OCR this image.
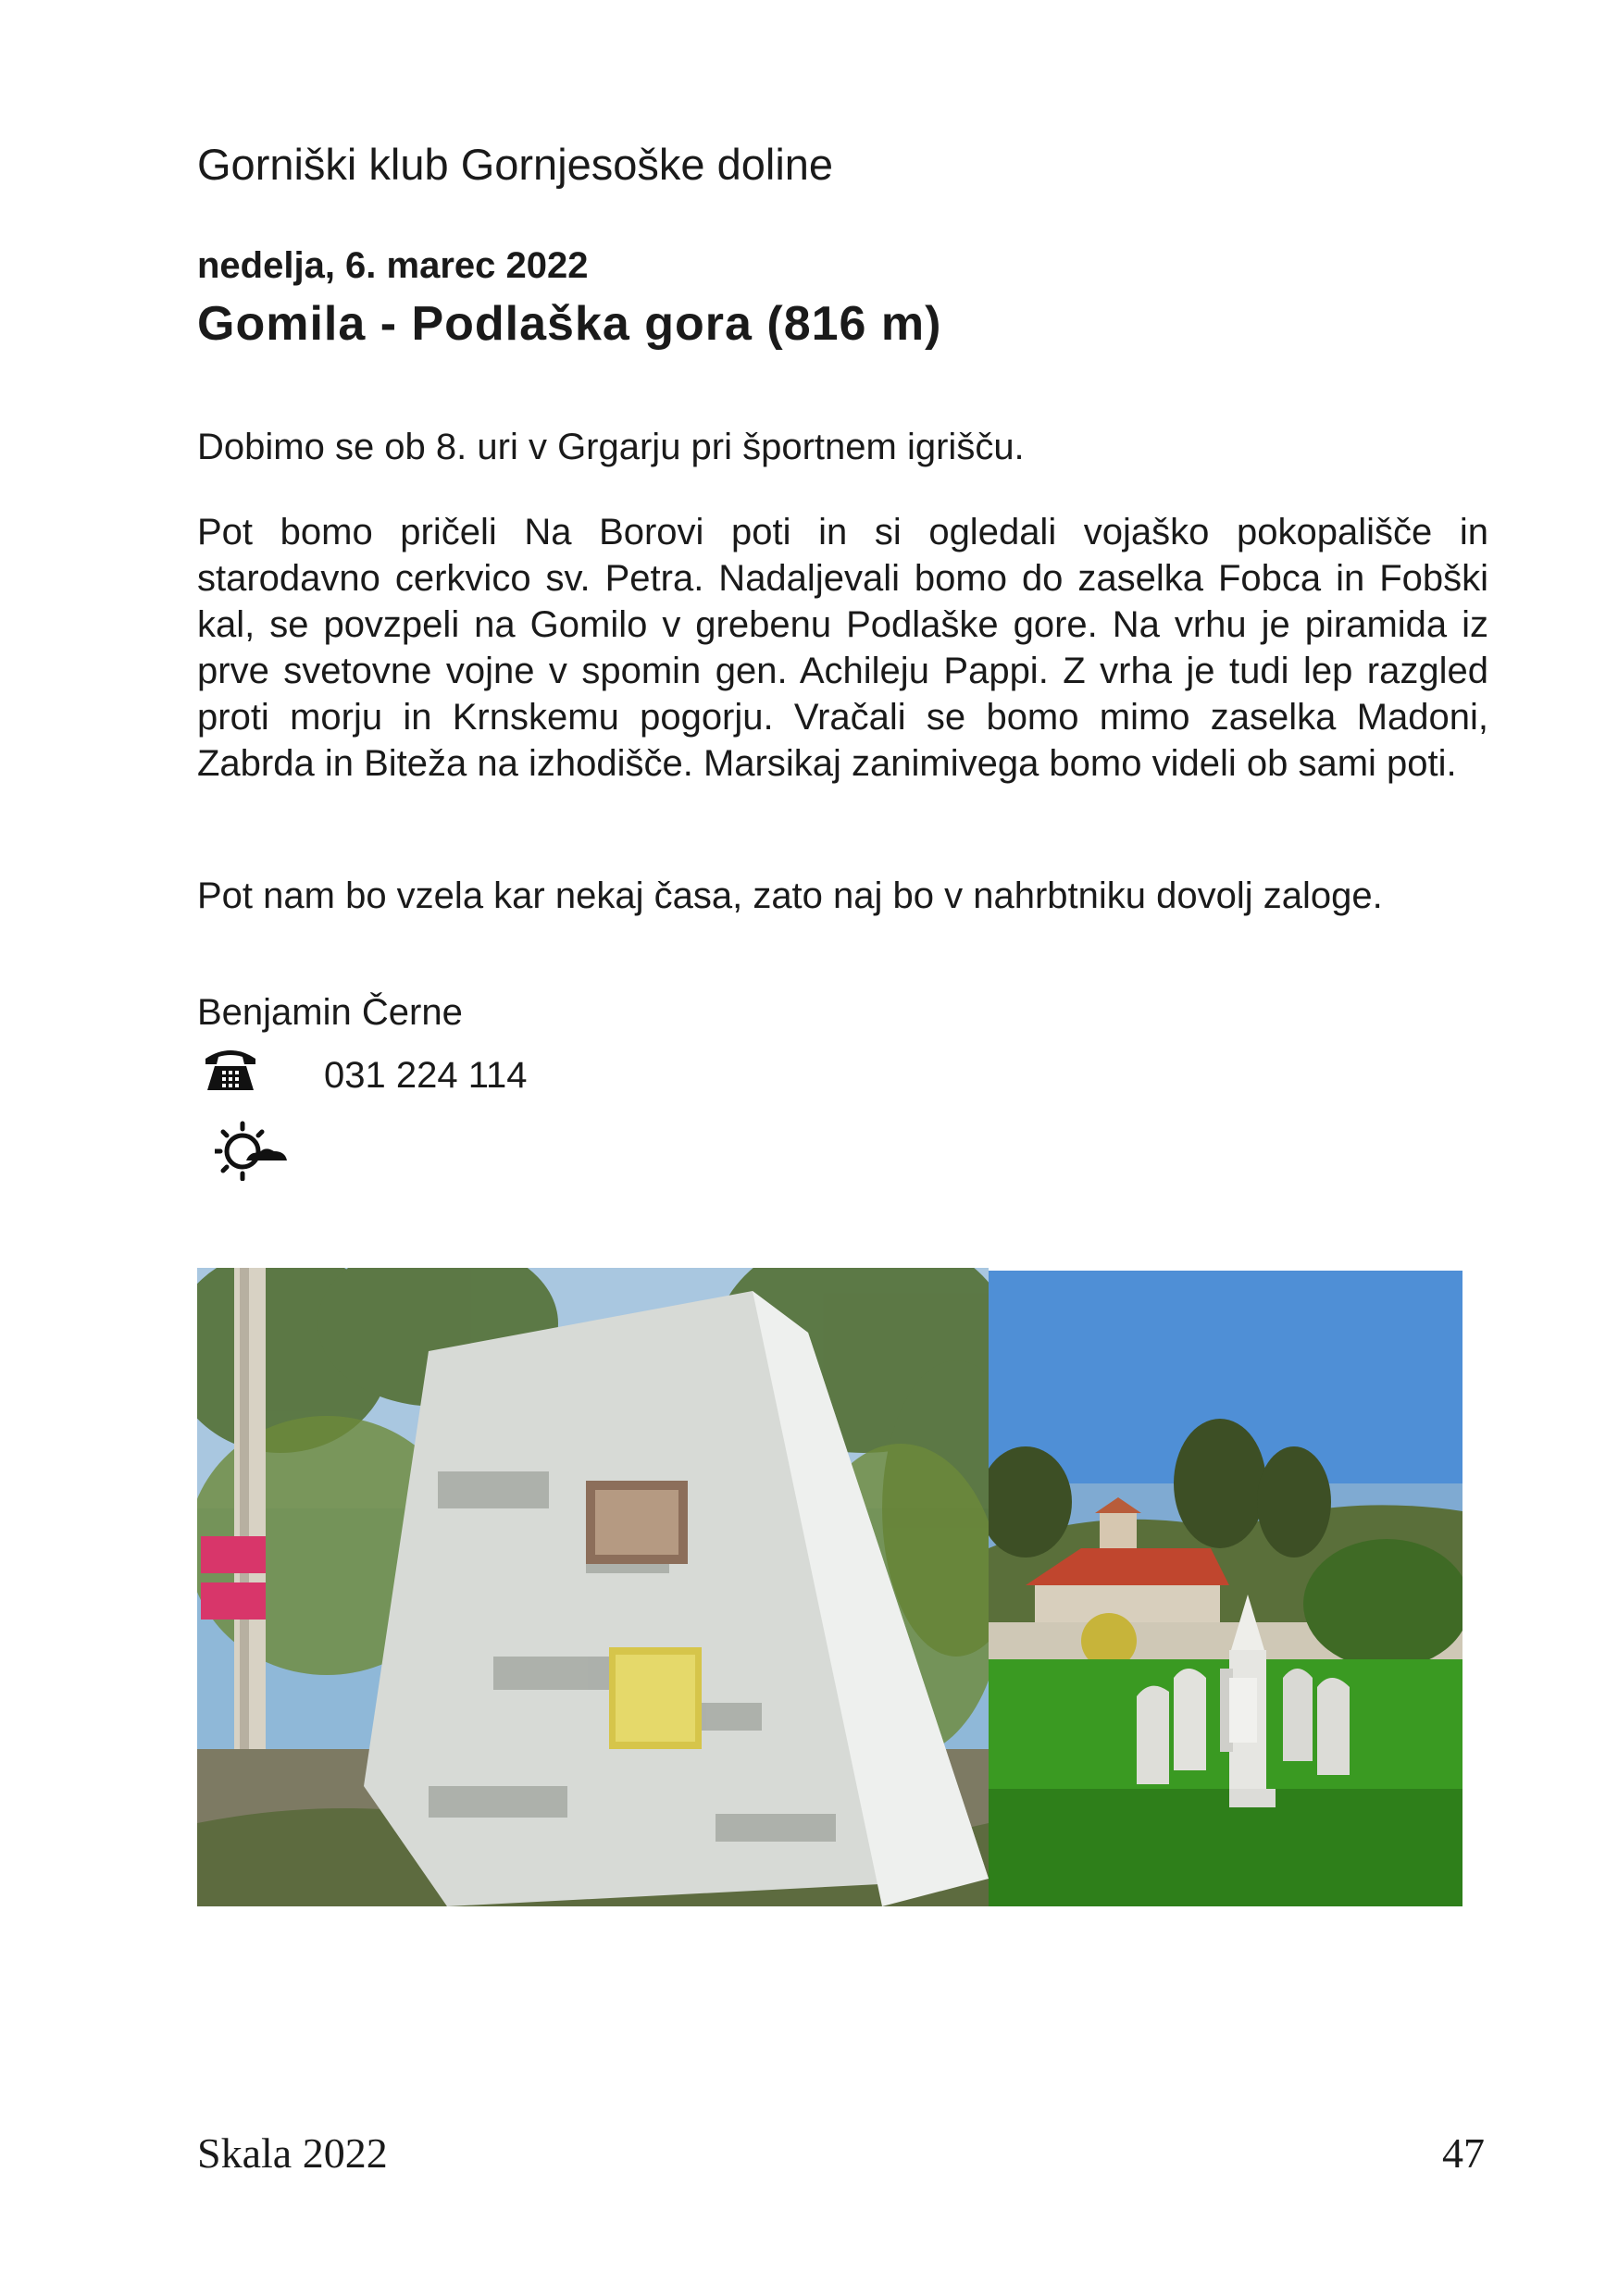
Gorniški klub Gornjesoške doline
nedelja, 6. marec 2022
Gomila - Podlaška gora (816 m)
Dobimo se ob 8. uri v Grgarju pri športnem igrišču.
Pot bomo pričeli Na Borovi poti in si ogledali vojaško pokopališče in starodavno cerkvico sv. Petra. Nadaljevali bomo do zaselka Fobca in Fobški kal, se povzpeli na Gomilo v grebenu Podlaške gore. Na vrhu je piramida iz prve svetovne vojne v spomin gen. Achileju Pappi. Z vrha je tudi lep razgled proti morju in Krnskemu pogorju. Vračali se bomo mimo zaselka Madoni, Zabrda in Biteža na izhodišče. Marsikaj zanimivega bomo videli ob sami poti.
Pot nam bo vzela kar nekaj časa, zato naj bo v nahrbtniku dovolj zaloge.
Benjamin Černe
031 224 114
Skala 2022	47
